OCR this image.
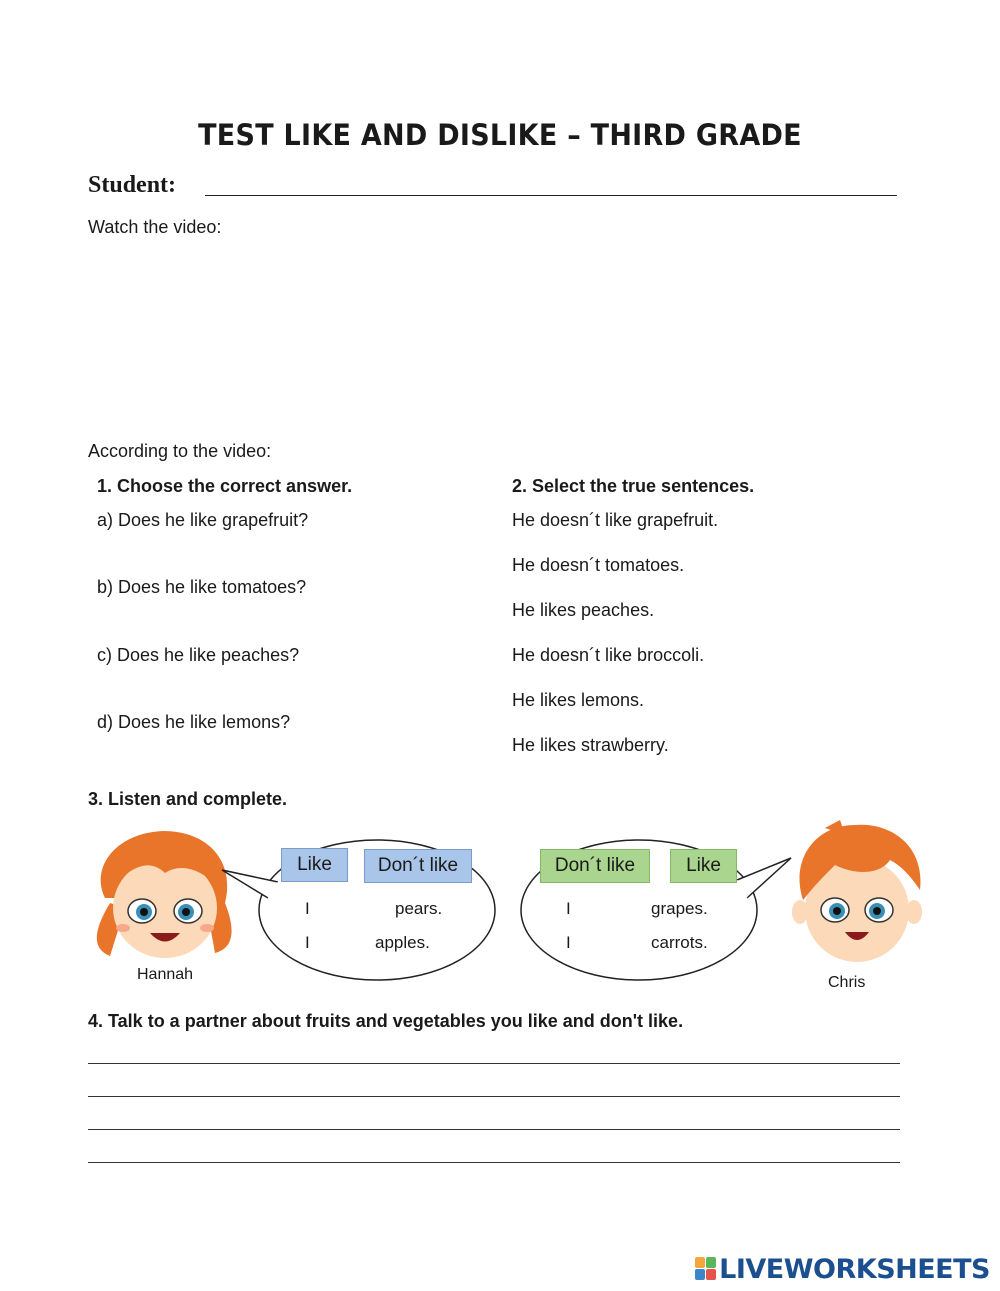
TEST LIKE AND DISLIKE – THIRD GRADE
Student:
Watch the video:
According to the video:
1. Choose the correct answer.
a) Does he like grapefruit?
b) Does he like tomatoes?
c) Does he like peaches?
d) Does he like lemons?
2. Select the true sentences.
He doesn´t like grapefruit.
He doesn´t tomatoes.
He likes peaches.
He doesn´t like broccoli.
He likes lemons.
He likes strawberry.
3. Listen and complete.
Hannah
Like	Don´t like
I	pears.
I	apples.
Don´t like	Like
I	grapes.
I	carrots.
Chris
4. Talk to a partner about fruits and vegetables you like and don't like.
LIVEWORKSHEETS
